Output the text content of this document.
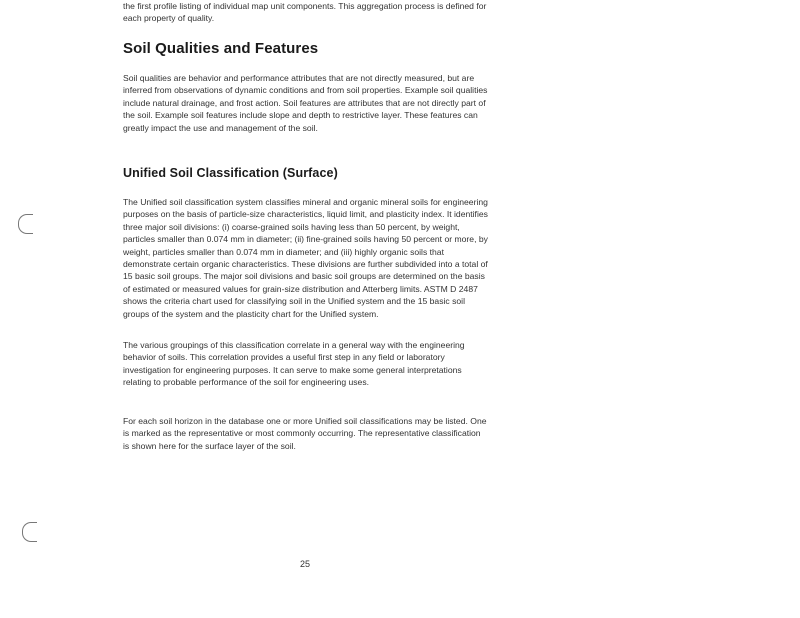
the first profile listing of individual map unit components. This aggregation process is defined for each property of quality.

Soil Qualities and Features

Soil qualities are behavior and performance attributes that are not directly measured, but are inferred from observations of dynamic conditions and from soil properties. Example soil qualities include natural drainage, and frost action. Soil features are attributes that are not directly part of the soil. Example soil features include slope and depth to restrictive layer. These features can greatly impact the use and management of the soil.

Unified Soil Classification (Surface)

The Unified soil classification system classifies mineral and organic mineral soils for engineering purposes on the basis of particle-size characteristics, liquid limit, and plasticity index. It identifies three major soil divisions: (i) coarse-grained soils having less than 50 percent, by weight, particles smaller than 0.074 mm in diameter; (ii) fine-grained soils having 50 percent or more, by weight, particles smaller than 0.074 mm in diameter; and (iii) highly organic soils that demonstrate certain organic characteristics. These divisions are further subdivided into a total of 15 basic soil groups. The major soil divisions and basic soil groups are determined on the basis of estimated or measured values for grain-size distribution and Atterberg limits. ASTM D 2487 shows the criteria chart used for classifying soil in the Unified system and the 15 basic soil groups of the system and the plasticity chart for the Unified system.

The various groupings of this classification correlate in a general way with the engineering behavior of soils. This correlation provides a useful first step in any field or laboratory investigation for engineering purposes. It can serve to make some general interpretations relating to probable performance of the soil for engineering uses.

For each soil horizon in the database one or more Unified soil classifications may be listed. One is marked as the representative or most commonly occurring. The representative classification is shown here for the surface layer of the soil.

25
